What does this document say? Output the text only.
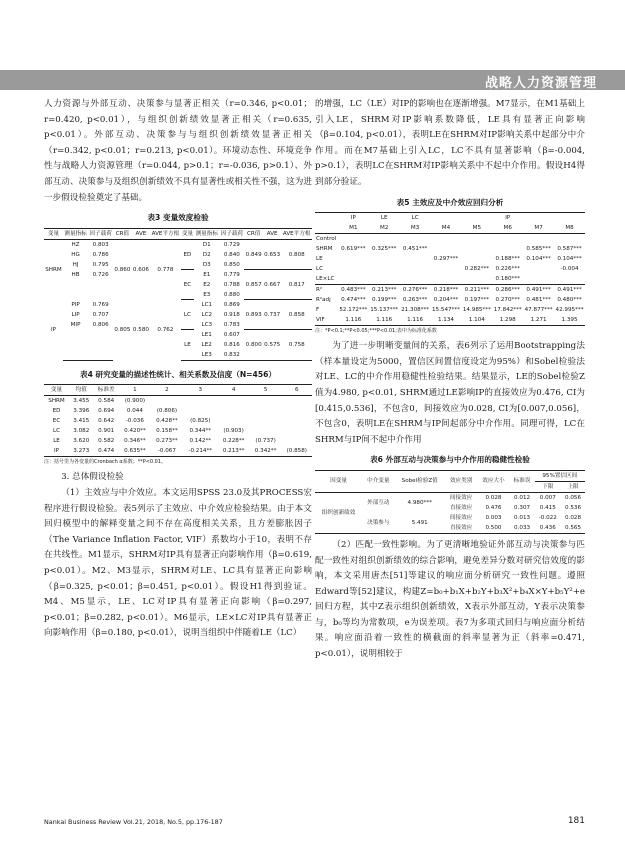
战略人力资源管理

人力资源与外部互动、决策参与显著正相关（r=0.346, p<0.01；r=0.420, p<0.01），与组织创新绩效显著正相关（r=0.635, p<0.01）。外部互动、决策参与与组织创新绩效显著正相关（r=0.342, p<0.01；r=0.213, p<0.01）。环境动态性、环境竞争性与战略人力资源管理（r=0.044, p>0.1；r=-0.036, p>0.1）、外部互动、决策参与及组织创新绩效不具有显著性或相关性不强，这为进一步假设检验奠定了基础。

表3 变量效度检验
变量	测量指标	因子载荷	CR值	AVE	AVE平方根	变量	测量指标	因子载荷	CR值	AVE	AVE平方根
SHRM	HZ	0.803	0.860	0.606	0.778	ED	D1	0.729	0.849	0.653	0.808
	HG	0.786					D2	0.840			
	HJ	0.795					D3	0.850			
	HB	0.726				EC	E1	0.779	0.857	0.667	0.817
							E2	0.788			
							E3	0.880			
IP	PIP	0.769	0.805	0.580	0.762	LC	LC1	0.869	0.893	0.737	0.858
	LIP	0.707					LC2	0.918			
	MIP	0.806					LC3	0.783			
						LE	LE1	0.607	0.800	0.575	0.758
							LE2	0.816			
							LE3	0.832			
表4 研究变量的描述性统计、相关系数及信度（N=456）
变量	均值	标准差	1	2	3	4	5	6
SHRM	3.455	0.584	(0.900)					
ED	3.396	0.694	0.044	(0.806)				
EC	3.415	0.642	-0.036	0.428**	(0.825)			
LC	3.082	0.901	0.420**	0.158**	0.344**	(0.903)		
LE	3.620	0.582	0.346**	0.273**	0.142**	0.228**	(0.737)	
IP	3.273	0.474	0.635**	-0.067	-0.214**	0.213**	0.342**	(0.858)
注：括号里为各变量的Cronbach α系数；**P<0.01。

3. 总体假设检验

（1）主效应与中介效应。本文运用SPSS 23.0及其PROCESS宏程序进行假设检验。表5列示了主效应、中介效应检验结果。由于本文回归模型中的解释变量之间不存在高度相关关系，且方差膨胀因子（The Variance Inflation Factor, VIF）系数均小于10，表明不存在共线性。M1显示，SHRM对IP具有显著正向影响作用（β=0.619, p<0.01）。M2、M3显示，SHRM对LE、LC具有显著正向影响（β=0.325, p<0.01；β=0.451, p<0.01）。假设H1得到验证。M4、M5显示，LE、LC对IP具有显著正向影响（β=0.297, p<0.01；β=0.282, p<0.01）。M6显示，LE×LC对IP具有显著正向影响作用（β=0.180, p<0.01），说明当组织中伴随着LE（LC）

的增强，LC（LE）对IP的影响也在逐渐增强。M7显示，在M1基础上引入LE，SHRM对IP影响系数降低，LE具有显著正向影响（β=0.104, p<0.01），表明LE在SHRM对IP影响关系中起部分中介作用。而在M7基础上引入LC，LC不具有显著影响（β=-0.004, p>0.1），表明LC在SHRM对IP影响关系中不起中介作用。假设H4得到部分验证。

表5 主效应及中介效应回归分析
	IP	LE	LC	IP				
	M1	M2	M3	M4	M5	M6	M7	M8
Control								
SHRM	0.619***	0.325***	0.451***				0.585***	0.587***
LE				0.297***		0.188***	0.104***	0.104***
LC					0.282***	0.226***		-0.004
LE×LC						0.180***		
R²	0.483***	0.213***	0.276***	0.218***	0.211***	0.286***	0.491***	0.491***
R²adj	0.474***	0.199***	0.263***	0.204***	0.197***	0.270***	0.481***	0.480***
F	52.172***	15.137***	21.308***	15.547***	14.985***	17.842***	47.877***	42.995***
VIF	1.116	1.116	1.116	1.134	1.104	1.298	1.271	1.395
注：*P<0.1;**P<0.05;***P<0.01;表中为标准化系数

为了进一步明晰变量间的关系，表6列示了运用Bootstrapping法（样本量设定为5000，置信区间置信度设定为95%）和Sobel检验法对LE、LC的中介作用稳健性检验结果。结果显示，LE的Sobel检验Z值为4.980, p<0.01, SHRM通过LE影响IP的直接效应为0.476, CI为[0.415,0.536]，不包含0，间接效应为0.028, CI为[0.007,0.056]，不包含0，表明LE在SHRM与IP间起部分中介作用。同理可得，LC在SHRM与IP间不起中介作用

表6 外部互动与决策参与中介作用的稳健性检验
因变量	中介变量	Sobel检验Z值	效应类别	效应大小	标准误	95%置信区间	
						下限	上限
组织创新绩效	外部互动	4.980***	间接效应	0.028	0.012	0.007	0.056
			直接效应	0.476	0.307	0.415	0.536
	决策参与	5.491	间接效应	0.003	0.013	-0.022	0.028
			直接效应	0.500	0.033	0.436	0.565

（2）匹配一致性影响。为了更清晰地验证外部互动与决策参与匹配一致性对组织创新绩效的综合影响，避免差异分数对研究信效度的影响，本文采用唐杰[51]等建议的响应面分析研究一致性问题。遵照Edward等[52]建议，构建Z=b₀+b₁X+b₂Y+b₃X²+b₄X×Y+b₅Y²+e回归方程，其中Z表示组织创新绩效，X表示外部互动，Y表示决策参与，b₀等均为常数项，e为误差项。表7为多项式回归与响应面分析结果。响应面沿着一致性的横截面的斜率显著为正（斜率=0.471, p<0.01），说明相较于

Nankai Business Review Vol.21, 2018, No.5, pp.176-187	181
